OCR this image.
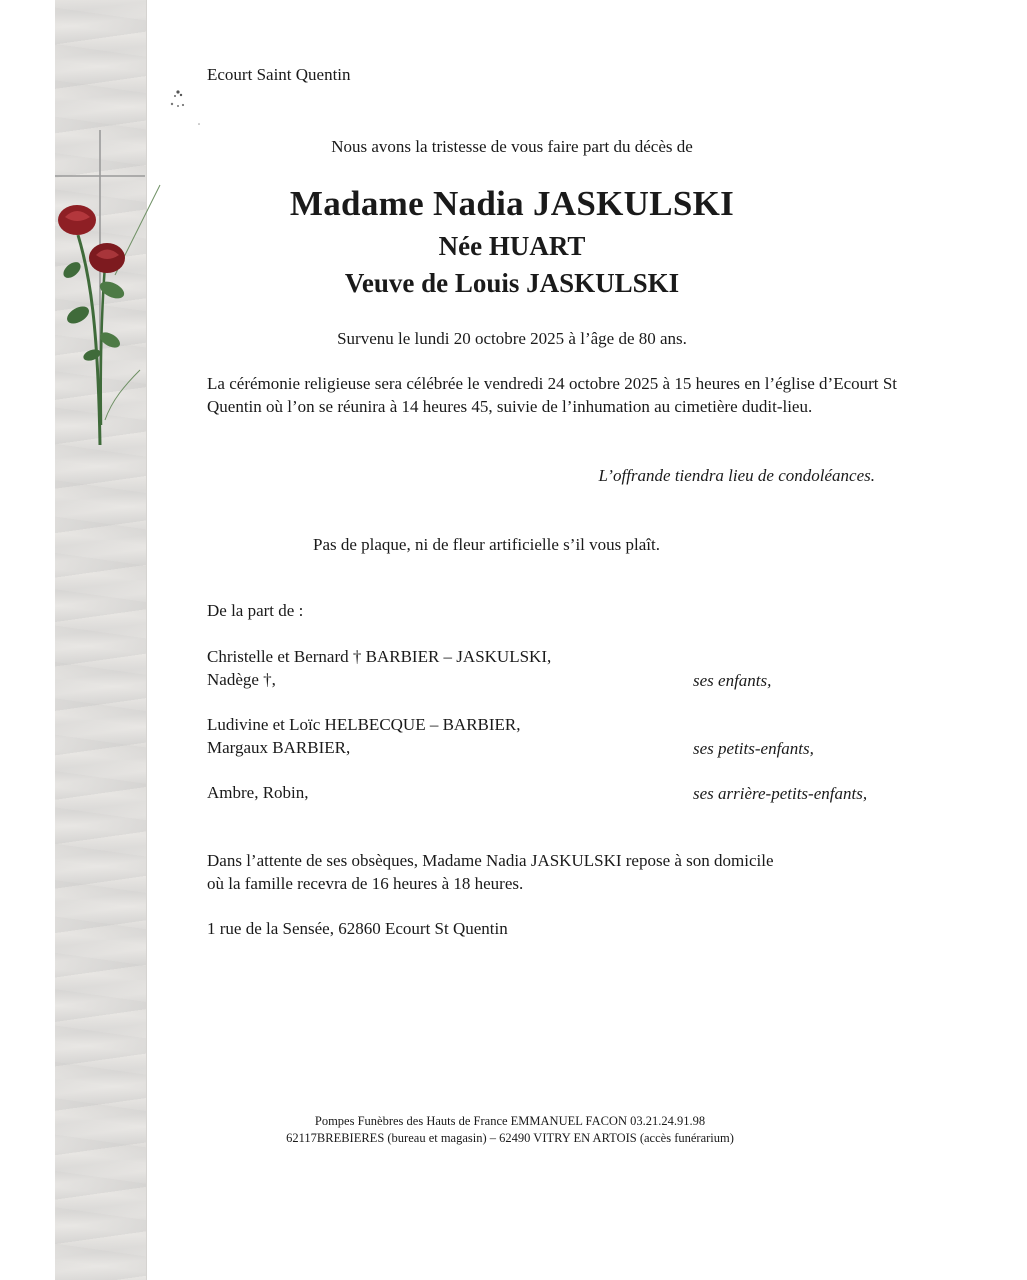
Ecourt Saint Quentin
Nous avons la tristesse de vous faire part du décès de
Madame Nadia JASKULSKI
Née HUART
Veuve de Louis JASKULSKI
Survenu le lundi 20 octobre 2025 à l’âge de 80 ans.
La cérémonie religieuse sera célébrée le vendredi 24 octobre 2025 à 15 heures en l’église d’Ecourt St Quentin où l’on se réunira à 14 heures 45, suivie de l’inhumation au cimetière dudit-lieu.
L’offrande tiendra lieu de condoléances.
Pas de plaque, ni de fleur artificielle s’il vous plaît.
De la part de :
Christelle et Bernard † BARBIER – JASKULSKI,
Nadège †,	ses enfants,
Ludivine et Loïc HELBECQUE – BARBIER,
Margaux BARBIER,	ses petits-enfants,
Ambre, Robin,	ses arrière-petits-enfants,
Dans l’attente de ses obsèques, Madame Nadia JASKULSKI repose à son domicile
où la famille recevra de 16 heures à 18 heures.
1 rue de la Sensée, 62860 Ecourt St Quentin
Pompes Funèbres des Hauts de France EMMANUEL FACON 03.21.24.91.98
62117BREBIERES (bureau et magasin) – 62490 VITRY EN ARTOIS (accès funérarium)
